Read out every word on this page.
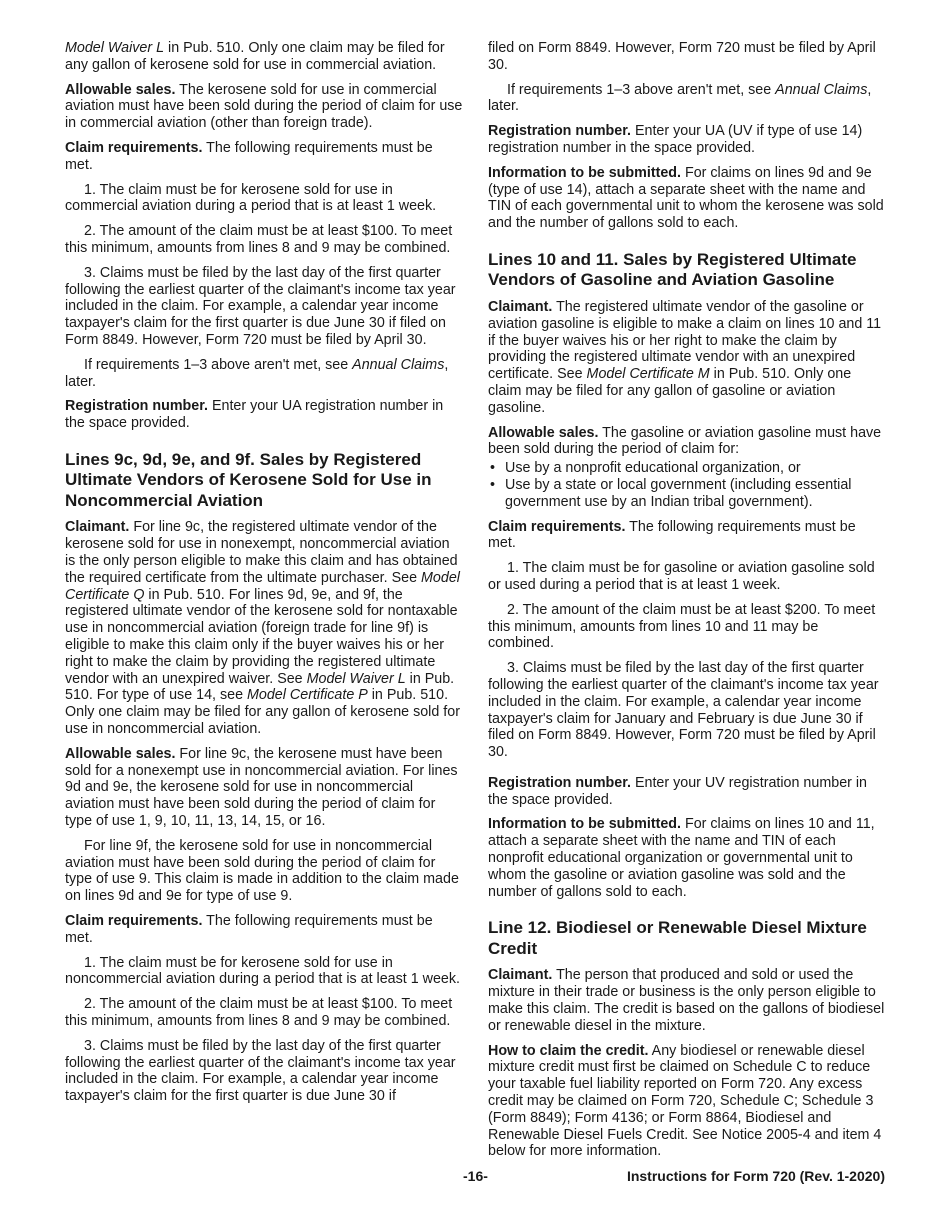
Model Waiver L in Pub. 510. Only one claim may be filed for any gallon of kerosene sold for use in commercial aviation.

Allowable sales. The kerosene sold for use in commercial aviation must have been sold during the period of claim for use in commercial aviation (other than foreign trade).

Claim requirements. The following requirements must be met.

1. The claim must be for kerosene sold for use in commercial aviation during a period that is at least 1 week.

2. The amount of the claim must be at least $100. To meet this minimum, amounts from lines 8 and 9 may be combined.

3. Claims must be filed by the last day of the first quarter following the earliest quarter of the claimant's income tax year included in the claim. For example, a calendar year income taxpayer's claim for the first quarter is due June 30 if filed on Form 8849. However, Form 720 must be filed by April 30.

If requirements 1–3 above aren't met, see Annual Claims, later.

Registration number. Enter your UA registration number in the space provided.

Lines 9c, 9d, 9e, and 9f. Sales by Registered Ultimate Vendors of Kerosene Sold for Use in Noncommercial Aviation

Claimant. For line 9c, the registered ultimate vendor of the kerosene sold for use in nonexempt, noncommercial aviation is the only person eligible to make this claim and has obtained the required certificate from the ultimate purchaser. See Model Certificate Q in Pub. 510. For lines 9d, 9e, and 9f, the registered ultimate vendor of the kerosene sold for nontaxable use in noncommercial aviation (foreign trade for line 9f) is eligible to make this claim only if the buyer waives his or her right to make the claim by providing the registered ultimate vendor with an unexpired waiver. See Model Waiver L in Pub. 510. For type of use 14, see Model Certificate P in Pub. 510. Only one claim may be filed for any gallon of kerosene sold for use in noncommercial aviation.

Allowable sales. For line 9c, the kerosene must have been sold for a nonexempt use in noncommercial aviation. For lines 9d and 9e, the kerosene sold for use in noncommercial aviation must have been sold during the period of claim for type of use 1, 9, 10, 11, 13, 14, 15, or 16.

For line 9f, the kerosene sold for use in noncommercial aviation must have been sold during the period of claim for type of use 9. This claim is made in addition to the claim made on lines 9d and 9e for type of use 9.

Claim requirements. The following requirements must be met.

1. The claim must be for kerosene sold for use in noncommercial aviation during a period that is at least 1 week.

2. The amount of the claim must be at least $100. To meet this minimum, amounts from lines 8 and 9 may be combined.

3. Claims must be filed by the last day of the first quarter following the earliest quarter of the claimant's income tax year included in the claim. For example, a calendar year income taxpayer's claim for the first quarter is due June 30 if

filed on Form 8849. However, Form 720 must be filed by April 30.

If requirements 1–3 above aren't met, see Annual Claims, later.

Registration number. Enter your UA (UV if type of use 14) registration number in the space provided.

Information to be submitted. For claims on lines 9d and 9e (type of use 14), attach a separate sheet with the name and TIN of each governmental unit to whom the kerosene was sold and the number of gallons sold to each.

Lines 10 and 11. Sales by Registered Ultimate Vendors of Gasoline and Aviation Gasoline

Claimant. The registered ultimate vendor of the gasoline or aviation gasoline is eligible to make a claim on lines 10 and 11 if the buyer waives his or her right to make the claim by providing the registered ultimate vendor with an unexpired certificate. See Model Certificate M in Pub. 510. Only one claim may be filed for any gallon of gasoline or aviation gasoline.

Allowable sales. The gasoline or aviation gasoline must have been sold during the period of claim for:

• Use by a nonprofit educational organization, or
• Use by a state or local government (including essential government use by an Indian tribal government).

Claim requirements. The following requirements must be met.

1. The claim must be for gasoline or aviation gasoline sold or used during a period that is at least 1 week.

2. The amount of the claim must be at least $200. To meet this minimum, amounts from lines 10 and 11 may be combined.

3. Claims must be filed by the last day of the first quarter following the earliest quarter of the claimant's income tax year included in the claim. For example, a calendar year income taxpayer's claim for January and February is due June 30 if filed on Form 8849. However, Form 720 must be filed by April 30.

Registration number. Enter your UV registration number in the space provided.

Information to be submitted. For claims on lines 10 and 11, attach a separate sheet with the name and TIN of each nonprofit educational organization or governmental unit to whom the gasoline or aviation gasoline was sold and the number of gallons sold to each.

Line 12. Biodiesel or Renewable Diesel Mixture Credit

Claimant. The person that produced and sold or used the mixture in their trade or business is the only person eligible to make this claim. The credit is based on the gallons of biodiesel or renewable diesel in the mixture.

How to claim the credit. Any biodiesel or renewable diesel mixture credit must first be claimed on Schedule C to reduce your taxable fuel liability reported on Form 720. Any excess credit may be claimed on Form 720, Schedule C; Schedule 3 (Form 8849); Form 4136; or Form 8864, Biodiesel and Renewable Diesel Fuels Credit. See Notice 2005-4 and item 4 below for more information.

-16-	Instructions for Form 720 (Rev. 1-2020)
